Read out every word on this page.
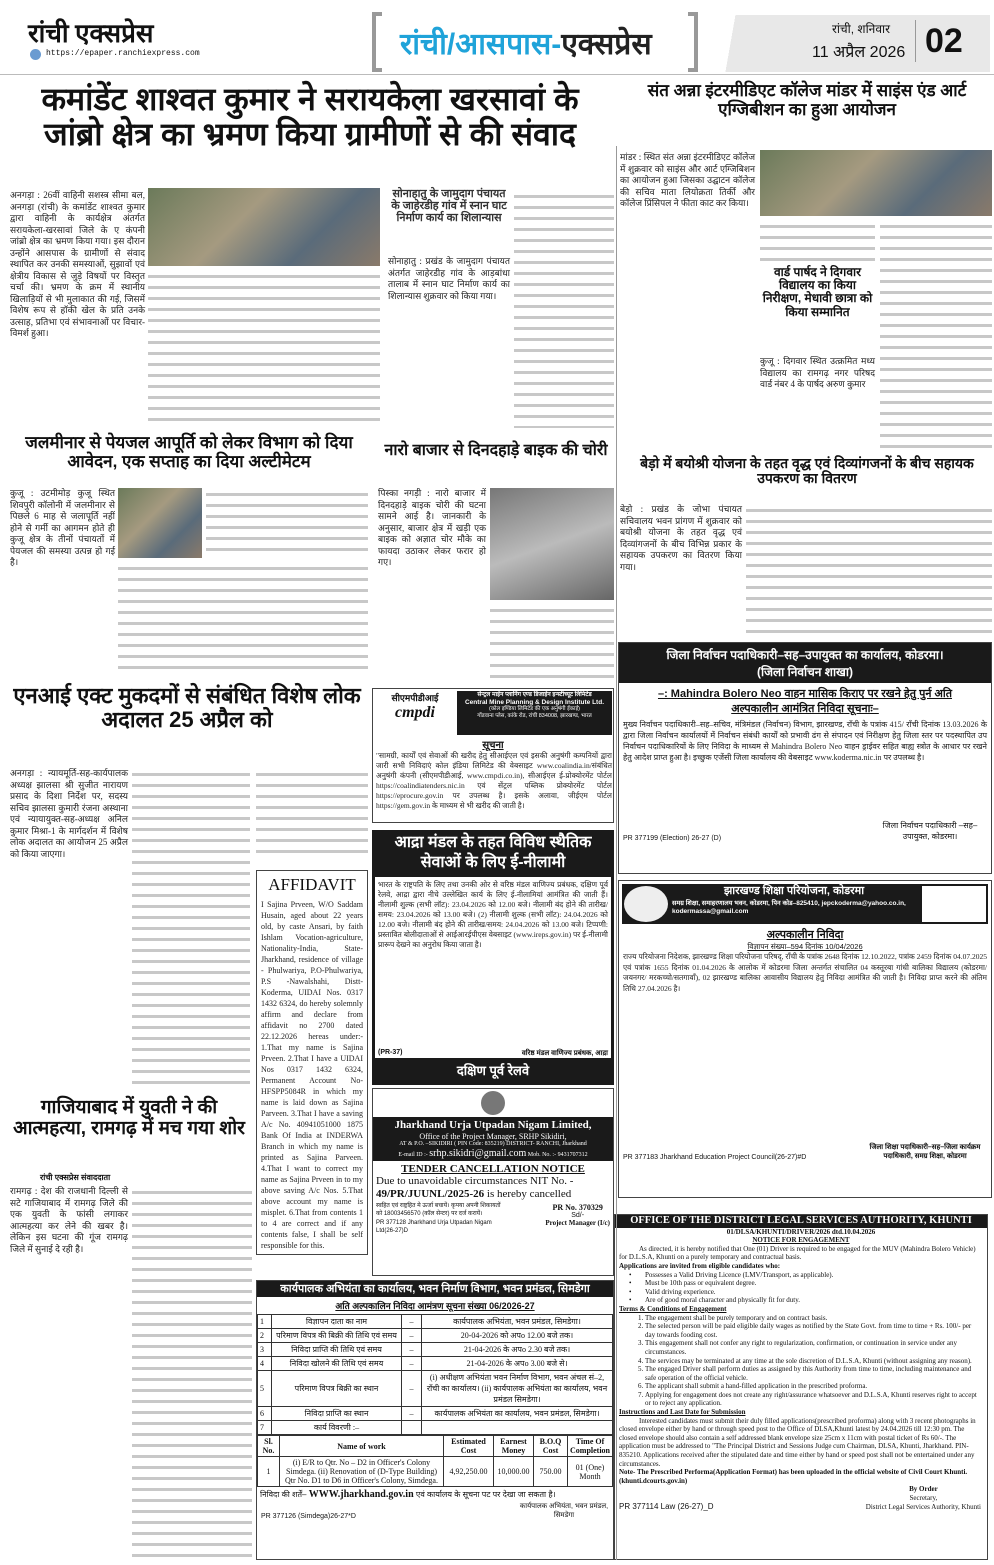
रांची एक्सप्रेस
https://epaper.ranchiexpress.com	रांची/आसपास-एक्सप्रेस	रांची, शनिवार
11 अप्रैल 2026 02
कमांडेंट शाश्वत कुमार ने सरायकेला खरसावां के जांब्रो क्षेत्र का भ्रमण किया ग्रामीणों से की संवाद
अनगड़ा : 26वीं वाहिनी सशस्त्र सीमा बल, अनगड़ा (रांची) के कमांडेंट शाश्वत कुमार द्वारा वाहिनी के कार्यक्षेत्र अंतर्गत सरायकेला-खरसावां जिले के ए कंपनी जांब्रो क्षेत्र का भ्रमण किया गया। इस दौरान उन्होंने आसपास के ग्रामीणों से संवाद स्थापित कर उनकी समस्याओं, सुझावों एवं क्षेत्रीय विकास से जुड़े विषयों पर विस्तृत चर्चा की। भ्रमण के क्रम में स्थानीय खिलाड़ियों से भी मुलाकात की गई, जिसमें विशेष रूप से हॉकी खेल के प्रति उनके उत्साह, प्रतिभा एवं संभावनाओं पर विचार-विमर्श हुआ।
सोनाहातु के जामुदाग पंचायत के जाहेरडीह गांव में स्नान घाट निर्माण कार्य का शिलान्यास
सोनाहातु : प्रखंड के जामुदाग पंचायत अंतर्गत जाहेरडीह गांव के आड़बांधा तालाब में स्नान घाट निर्माण कार्य का शिलान्यास शुक्रवार को किया गया।
संत अन्ना इंटरमीडिएट कॉलेज मांडर में साइंस एंड आर्ट एग्जिबीशन का हुआ आयोजन
मांडर : स्थित संत अन्ना इंटरमीडिएट कॉलेज में शुक्रवार को साइंस और आर्ट एग्जिबिशन का आयोजन हुआ जिसका उद्घाटन कॉलेज की सचिव माता लियोक्रता तिर्की और कॉलेज प्रिंसिपल ने फीता काट कर किया।
वार्ड पार्षद ने दिगवार विद्यालय का किया निरीक्षण, मेधावी छात्रा को किया सम्मानित
कुजू : दिगवार स्थित उत्क्रमित मध्य विद्यालय का रामगढ़ नगर परिषद वार्ड नंबर 4 के पार्षद अरुण कुमार
बेड़ो में बयोश्री योजना के तहत वृद्ध एवं दिव्यांगजनों के बीच सहायक उपकरण का वितरण
बेड़ो : प्रखंड के जोभा पंचायत सचिवालय भवन प्रांगण में शुक्रवार को बयोश्री योजना के तहत वृद्ध एवं दिव्यांगजनों के बीच विभिन्न प्रकार के सहायक उपकरण का वितरण किया गया।
जलमीनार से पेयजल आपूर्ति को लेकर विभाग को दिया आवेदन, एक सप्ताह का दिया अल्टीमेटम
कुजू : उटमीमोड़ कुजू स्थित शिवपुरी कॉलोनी में जलमीनार से पिछले 6 माह से जलापूर्ति नहीं होने से गर्मी का आगमन होते ही कुजू क्षेत्र के तीनों पंचायतों में पेयजल की समस्या उत्पन्न हो गई है।
नारो बाजार से दिनदहाड़े बाइक की चोरी
पिस्का नगड़ी : नारो बाजार में दिनदहाड़े बाइक चोरी की घटना सामने आई है। जानकारी के अनुसार, बाजार क्षेत्र में खड़ी एक बाइक को अज्ञात चोर मौके का फायदा उठाकर लेकर फरार हो गए।
एनआई एक्ट मुकदमों से संबंधित विशेष लोक अदालत 25 अप्रैल को
अनगड़ा : न्यायमूर्ति-सह-कार्यपालक अध्यक्ष झालसा श्री सुजीत नारायण प्रसाद के दिशा निर्देश पर, सदस्य सचिव झालसा कुमारी रंजना अस्थाना एवं न्यायायुक्त-सह-अध्यक्ष अनिल कुमार मिश्रा-1 के मार्गदर्शन में विशेष लोक अदालत का आयोजन 25 अप्रैल को किया जाएगा।
AFFIDAVIT
I Sajina Prveen, W/O Saddam Husain, aged about 22 years old, by caste Ansari, by faith Ishlam Vocation-agriculture, Nationality-India, State-Jharkhand, residence of village - Phulwariya, P.O-Phulwariya, P.S -Nawalshahi, Distt-Koderma, UIDAI Nos. 0317 1432 6324, do hereby solemnly affirm and declare from affidavit no 2700 dated 22.12.2026 hereas under:- 1.That my name is Sajina Prveen. 2.That I have a UIDAI Nos 0317 1432 6324, Permanent Account No-HFSPP5084R in which my name is laid down as Sajina Parveen. 3.That I have a saving A/c No. 40941051000 1875 Bank Of India at INDERWA Branch in which my name is printed as Sajina Parveen. 4.That I want to correct my name as Sajina Prveen in to my above saving A/c Nos. 5.That above account my name is misplet. 6.That from contents 1 to 4 are correct and if any contents false, I shall be self responsible for this.
सीएमपीडीआई
cmpdi
सेन्ट्रल माईन प्लानिंग एण्ड डिजाईन इन्स्टीच्यूट लिमिटेड
Central Mine Planning & Design Institute Ltd.
(कोल इण्डिया लिमिटेड की एक अनुषंगी ईकाई)
गोंडवाना प्लेस, कांके रोड, रांची 834008, झारखण्ड, भारत
सूचना
"सामग्री, कार्यों एवं सेवाओं की खरीद हेतु सीआईएल एवं इसकी अनुषंगी कम्पनियों द्वारा जारी सभी निविदाएं कोल इंडिया लिमिटेड की वेबसाइट www.coalindia.in/संबंधित अनुषंगी कंपनी (सीएमपीडीआई, www.cmpdi.co.in), सीआईएल ई-प्रोक्योरमेंट पोर्टल https://coalindiatenders.nic.in एवं सेंट्रल पब्लिक प्रोक्योरमेंट पोर्टल https://eprocure.gov.in पर उपलब्ध है। इसके अलावा, जीईएम पोर्टल https://gem.gov.in के माध्यम से भी खरीद की जाती है।
आद्रा मंडल के तहत विविध स्थैतिक सेवाओं के लिए ई-नीलामी
भारत के राष्ट्रपति के लिए तथा उनकी ओर से वरिष्ठ मंडल वाणिज्य प्रबंधक, दक्षिण पूर्व रेलवे, आद्रा द्वारा नीचे उल्लेखित कार्य के लिए ई-नीलामियां आमंत्रित की जाती हैं। नीलामी शुल्क (सभी लॉट): 23.04.2026 को 12.00 बजे। नीलामी बंद होने की तारीख/समय: 23.04.2026 को 13.00 बजे। (2) नीलामी शुल्क (सभी लॉट): 24.04.2026 को 12.00 बजे। नीलामी बंद होने की तारीख/समय: 24.04.2026 को 13.00 बजे। टिप्पणी: प्रस्तावित बोलीदाताओं से आईआरईपीएस वेबसाइट (www.ireps.gov.in) पर ई-नीलामी प्रारूप देखने का अनुरोध किया जाता है।
(PR-37)	वरिष्ठ मंडल वाणिज्य प्रबंधक, आद्रा
दक्षिण पूर्व रेलवे
Jharkhand Urja Utpadan Nigam Limited,
Office of the Project Manager, SRHP Sikidiri,
AT & P.O. –SIKIDIRI ( PIN Code: 835219) DISTRICT- RANCHI, Jharkhand
E-mail ID :- srhp.sikidri@gmail.com Mob. No. :- 9431707312
TENDER CANCELLATION NOTICE
Due to unavoidable circumstances NIT No. - 49/PR/JUUNL/2025-26 is hereby cancelled
स्वहित एवं राष्ट्रहित मे ऊर्जा बचायें। कृपया अपनी शिकायतों को 18003456570 (कॉल सेन्टर) पर दर्ज करायें।
PR 377128 Jharkhand Urja Utpadan Nigam Ltd(26-27)D
PR No. 370329
Sd/-
Project Manager (I/c)
गाजियाबाद में युवती ने की आत्महत्या, रामगढ़ में मच गया शोर
रांची एक्सप्रेस संवाददाता
रामगढ़ : देश की राजधानी दिल्ली से सटे गाजियाबाद में रामगढ़ जिले की एक युवती के फांसी लगाकर आत्महत्या कर लेने की खबर है। लेकिन इस घटना की गूंज रामगढ़ जिले में सुनाई दे रही है।
कार्यपालक अभियंता का कार्यालय, भवन निर्माण विभाग, भवन प्रमंडल, सिमडेगा
अति अल्पकालिन निविदा आमंत्रण सूचना संख्या 06/2026-27
1	विज्ञापन दाता का नाम	–	कार्यपालक अभियंता, भवन प्रमंडल, सिमडेगा।
2	परिमाण विपत्र की बिक्री की तिथि एवं समय	–	20-04-2026 को अपo 12.00 बजे तक।
3	निविदा प्राप्ति की तिथि एवं समय	–	21-04-2026 के अपo 2.30 बजे तक।
4	निविदा खोलने की तिथि एवं समय	–	21-04-2026 के अपo 3.00 बजे से।
5	परिमाण विपत्र बिक्री का स्थान	–	(i) अधीक्षण अभियंता भवन निर्माण विभाग, भवन अंचल सं–2, रॉंची का कार्यालय। (ii) कार्यपालक अभियंता का कार्यालय, भवन प्रमंडल सिमडेगा।
6	निविदा प्राप्ति का स्थान	–	कार्यपालक अभियंता का कार्यालय, भवन प्रमंडल, सिमडेगा।
7	कार्य विवरणी :–		
Sl. No.	Name of work	Estimated Cost	Earnest Money	B.O.Q Cost	Time Of Completion
1	(i) E/R to Qtr. No – D2 in Officer's Colony Simdega. (ii) Renovation of (D-Type Building) Qtr No. D1 to D6 in Officer's Colony, Simdega.	4,92,250.00	10,000.00	750.00	01 (One) Month
निविदा की शर्तें– WWW.jharkhand.gov.in एवं कार्यालय के सूचना पट पर देखा जा सकता है।
PR 377126 (Simdega)26-27*D
कार्यपालक अभियंता, भवन प्रमंडल, सिमडेगा
जिला निर्वाचन पदाधिकारी–सह–उपायुक्त का कार्यालय, कोडरमा।
(जिला निर्वाचन शाखा)
–: Mahindra Bolero Neo वाहन मासिक किराए पर रखने हेतु पुर्न अति अल्पकालीन आमंत्रित निविदा सूचनाः–
मुख्य निर्वाचन पदाधिकारी–सह–सचिव, मंत्रिमंडल (निर्वाचन) विभाग, झारखण्ड, रॉंची के पत्रांक 415/ रॉंची दिनांक 13.03.2026 के द्वारा जिला निर्वाचन कार्यालयों में निर्वाचन संबंधी कार्यों को प्रभावी ढंग से संपादन एवं निरीक्षण हेतु जिला स्तर पर पदस्थापित उप निर्वाचन पदाधिकारियों के लिए निविदा के माध्यम से Mahindra Bolero Neo वाहन ड्राईवर सहित बाह्य स्त्रोत के आधार पर रखने हेतु आदेश प्राप्त हुआ है। इच्छुक एजेंसी जिला कार्यालय की वेबसाइट www.koderma.nic.in पर उपलब्ध है।
PR 377199 (Election) 26-27 (D)
जिला निर्वाचन पदाधिकारी –सह–उपायुक्त, कोडरमा।
झारखण्ड शिक्षा परियोजना, कोडरमा
समग्र शिक्षा, समाहरणालय भवन, कोडरमा, पिन कोड–825410, jepckoderma@yahoo.co.in, kodermassa@gmail.com
अल्पकालीन निविदा
विज्ञापन संख्या–594 दिनांक 10/04/2026
राज्य परियोजना निदेशक, झारखण्ड शिक्षा परियोजना परिषद्, रॉंची के पत्रांक 2648 दिनांक 12.10.2022, पत्रांक 2459 दिनांक 04.07.2025 एवं पत्रांक 1655 दिनांक 01.04.2026 के आलोक में कोडरमा जिला अन्तर्गत संचालित 04 कस्तूरबा गांधी बालिका विद्यालय (कोडरमा/जयनगर/ मरकच्चो/सतगावाँ), 02 झारखण्ड बालिका आवासीय विद्यालय हेतु निविदा आमंत्रित की जाती है। निविदा प्राप्त करने की अंतिम तिथि 27.04.2026 है।
PR 377183 Jharkhand Education Project Council(26-27)#D
जिला शिक्षा पदाधिकारी–सह–जिला कार्यक्रम पदाधिकारी, समग्र शिक्षा, कोडरमा
OFFICE OF THE DISTRICT LEGAL SERVICES AUTHORITY, KHUNTI
01/DLSA/KHUNTI/DRIVER/2026 dtd.10.04.2026
NOTICE FOR ENGAGEMENT
As directed, it is hereby notified that One (01) Driver is required to be engaged for the MUV (Mahindra Bolero Vehicle) for D.L.S.A, Khunti on a purely temporary and contractual basis.
Applications are invited from eligible candidates who:
• Possesses a Valid Driving Licence (LMV/Transport, as applicable).
• Must be 10th pass or equivalent degree.
• Valid driving experience.
• Are of good moral character and physically fit for duty.
Terms & Conditions of Engagement
1. The engagement shall be purely temporary and on contract basis.
2. The selected person will be paid eligible daily wages as notified by the State Govt. from time to time + Rs. 100/- per day towards fooding cost.
3. This engagement shall not confer any right to regularization, confirmation, or continuation in service under any circumstances.
4. The services may be terminated at any time at the sole discretion of D.L.S.A, Khunti (without assigning any reason).
5. The engaged Driver shall perform duties as assigned by this Authority from time to time, including maintenance and safe operation of the official vehicle.
6. The applicant shall submit a hand-filled application in the prescribed proforma.
7. Applying for engagement does not create any right/assurance whatsoever and D.L.S.A, Khunti reserves right to accept or to reject any application.
Instructions and Last Date for Submission
Interested candidates must submit their duly filled applications(prescribed proforma) along with 3 recent photographs in closed envelope either by hand or through speed post to the Office of DLSA,Khunti latest by 24.04.2026 till 12:30 pm. The closed envelope should also contain a self addressed blank envelope size 25cm x 11cm with postal ticket of Rs 60/-. The application must be addressed to "The Principal District and Sessions Judge cum Chairman, DLSA, Khunti, Jharkhand. PIN- 835210. Applications received after the stipulated date and time either by hand or speed post shall not be entertained under any circumstances.
Note- The Prescribed Performa(Application Format) has been uploaded in the official website of Civil Court Khunti.(khunti.dcourts.gov.in)
PR 377114 Law (26-27)_D
By Order
Secretary,
District Legal Services Authority, Khunti
